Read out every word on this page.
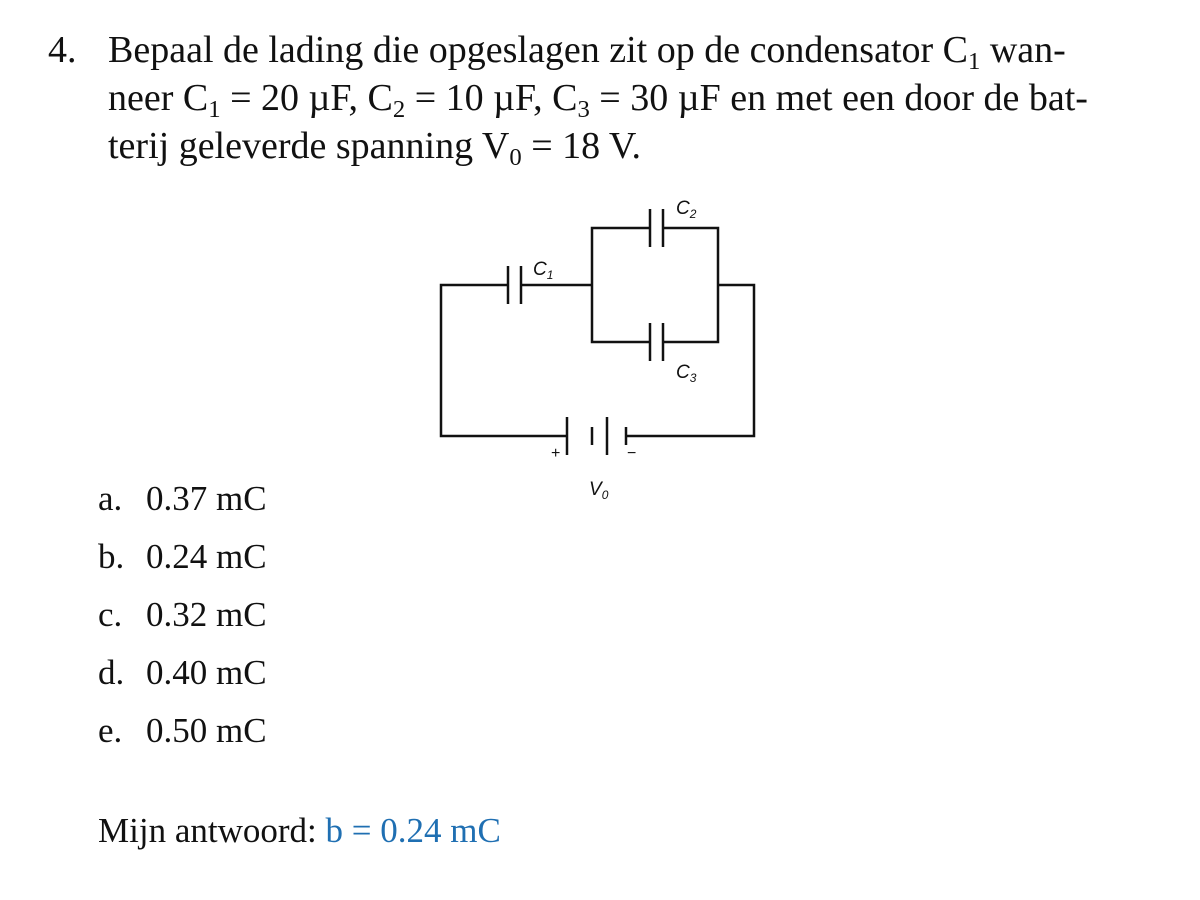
4. Bepaal de lading die opgeslagen zit op de condensator $C_1$ wan-
neer $C_1 = 20$ µF, $C_2 = 10$ µF, $C_3 = 30$ µF en met een door de bat-
terij geleverde spanning $V_0 = 18$ V.
$C_1$
$C_2$
$C_3$
$V_0$
+	−
a. 0.37 mC
b. 0.24 mC
c. 0.32 mC
d. 0.40 mC
e. 0.50 mC
Mijn antwoord: b = 0.24 mC
